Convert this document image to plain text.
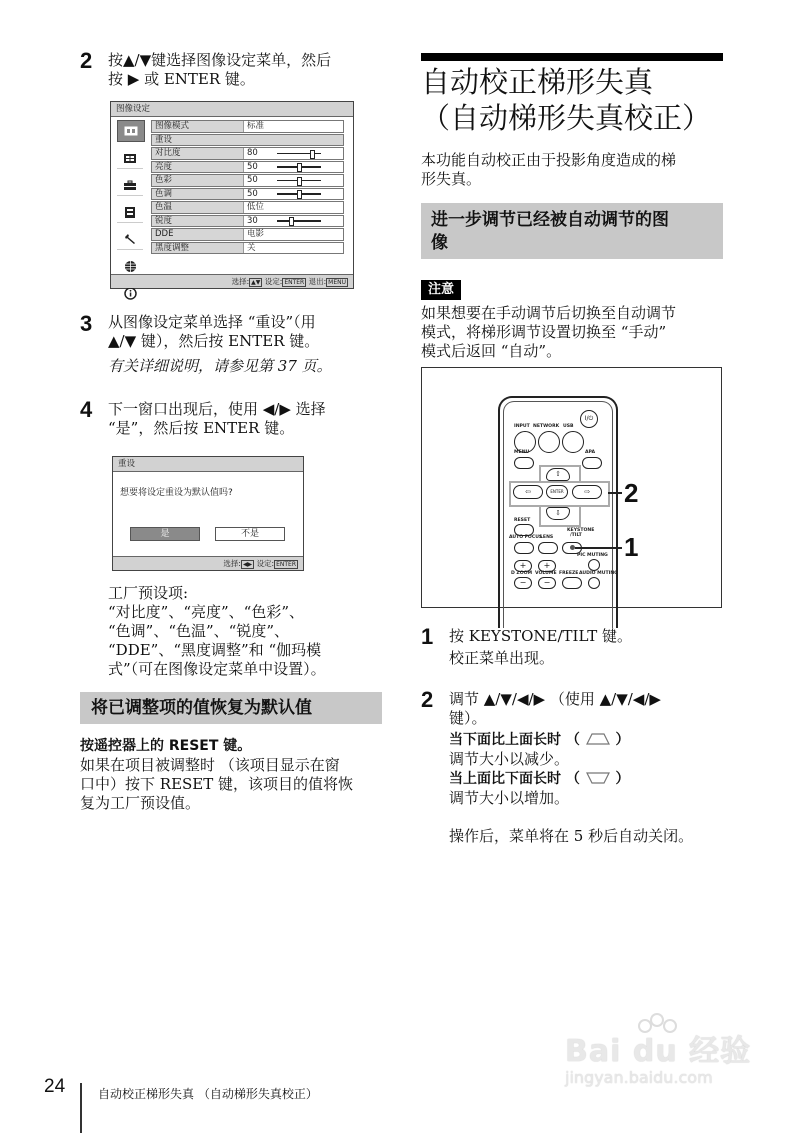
2 按▲/▼键选择图像设定菜单，然后
按 ▶ 或 ENTER 键。
图像设定
图像模式	标准
重设
对比度	80
亮度	50
色彩	50
色调	50
色温	低位
锐度	30
DDE	电影
黑度调整	关
选择: ▲▼ 设定: ENTER 退出: MENU
3 从图像设定菜单选择 “重设”（用
▲/▼ 键），然后按 ENTER 键。
有关详细说明，请参见第 37 页。
4 下一窗口出现后，使用 ◀/▶ 选择
“是”，然后按 ENTER 键。
重设
想要将设定重设为默认值吗?
是	不是
选择: ◀▶ 设定: ENTER
工厂预设项:
“对比度”、“亮度”、“色彩”、
“色调”、“色温”、“锐度”、
“DDE”、“黑度调整”和 “伽玛模
式”（可在图像设定菜单中设置）。
将已调整项的值恢复为默认值
按遥控器上的 RESET 键。
如果在项目被调整时 （该项目显示在窗
口中）按下 RESET 键，该项目的值将恢
复为工厂预设值。
自动校正梯形失真
（自动梯形失真校正）
本功能自动校正由于投影角度造成的梯
形失真。
进一步调节已经被自动调节的图
像
注意
如果想要在手动调节后切换至自动调节
模式，将梯形调节设置切换至 “手动”
模式后返回 “自动”。
I/⏻
INPUT NETWORK USB
MENU	APA
⇧
⇦	ENTER	⇨
⇩
2
RESET
KEYSTONE
/TILT
AUTO FOCUS
LENS	1
PIC MUTING
+	+
D ZOOM VOLUME FREEZE AUDIO MUTING
−	−
1 按 KEYSTONE/TILT 键。
校正菜单出现。
2 调节 ▲/▼/◀/▶ （使用 ▲/▼/◀/▶
键）。
当下面比上面长时 （	）
调节大小以减少。
当上面比下面长时 （	）
调节大小以增加。
操作后，菜单将在 5 秒后自动关闭。
Bai du 经验
jingyan.baidu.com
24	自动校正梯形失真 （自动梯形失真校正）
